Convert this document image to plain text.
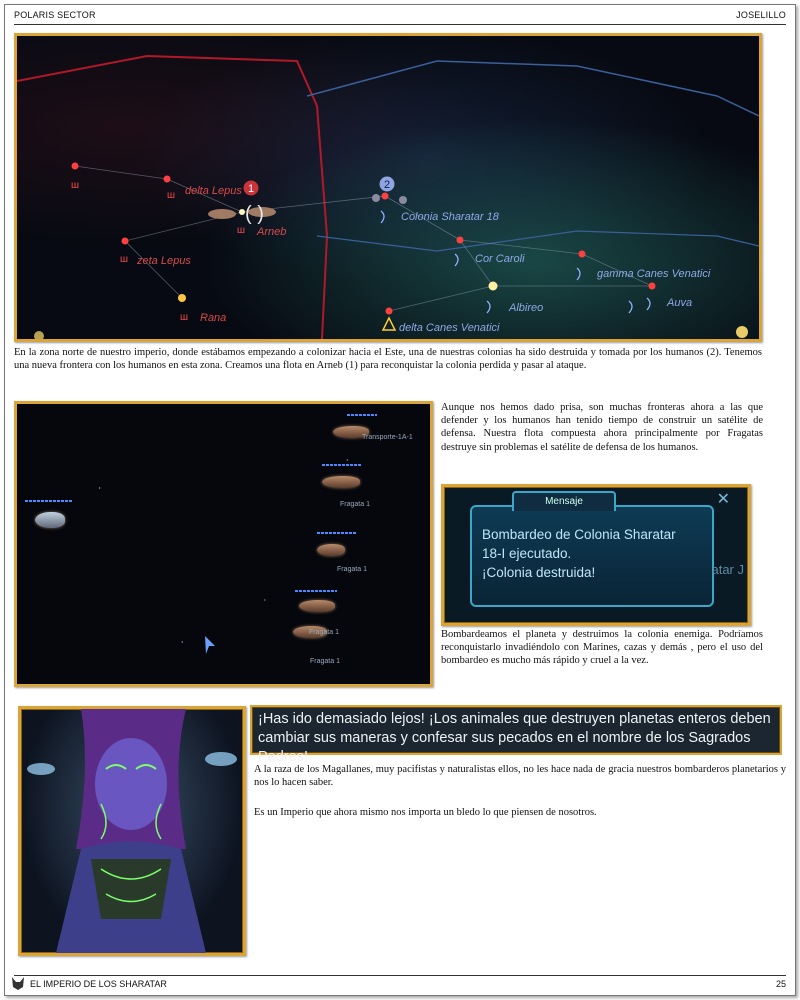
POLARIS SECTOR	JOSELILLO
( )
1	2
ш
ш
ш
ш
ш
delta Lepus
Arneb
zeta Lepus
Rana
Colonia Sharatar 18
Cor Caroli
gamma Canes Venatici
Albireo	Auva
delta Canes Venatici

En la zona norte de nuestro imperio, donde estábamos empezando a colonizar hacia el Este, una de nuestras colonias ha sido destruida y tomada por los humanos (2). Tenemos una nueva frontera con los humanos en esta zona. Creamos una flota en Arneb (1) para reconquistar la colonia perdida y pasar al ataque.

Transporte-1A-1
Fragata 1
Fragata 1
Fragata 1
Fragata 1

Aunque nos hemos dado prisa, son muchas fronteras ahora a las que defender y los humanos han tenido tiempo de construir un satélite de defensa. Nuestra flota compuesta ahora principalmente por Fragatas destruye sin problemas el satélite de defensa de los humanos.

Mensaje
Bombardeo de Colonia Sharatar
18-I ejecutado.
¡Colonia destruida!
✕
atar J

Bombardeamos el planeta y destruimos la colonia enemiga. Podríamos reconquistarlo invadiéndolo con Marines, cazas y demás , pero el uso del bombardeo es mucho más rápido y cruel a la vez.

¡Has ido demasiado lejos! ¡Los animales que destruyen planetas enteros deben cambiar sus maneras y confesar sus pecados en el nombre de los Sagrados Padres!

A la raza de los Magallanes, muy pacifistas y naturalistas ellos, no les hace nada de gracia nuestros bombarderos planetarios y nos lo hacen saber.

Es un Imperio que ahora mismo nos importa un bledo lo que piensen de nosotros.

EL IMPERIO DE LOS SHARATAR	25
